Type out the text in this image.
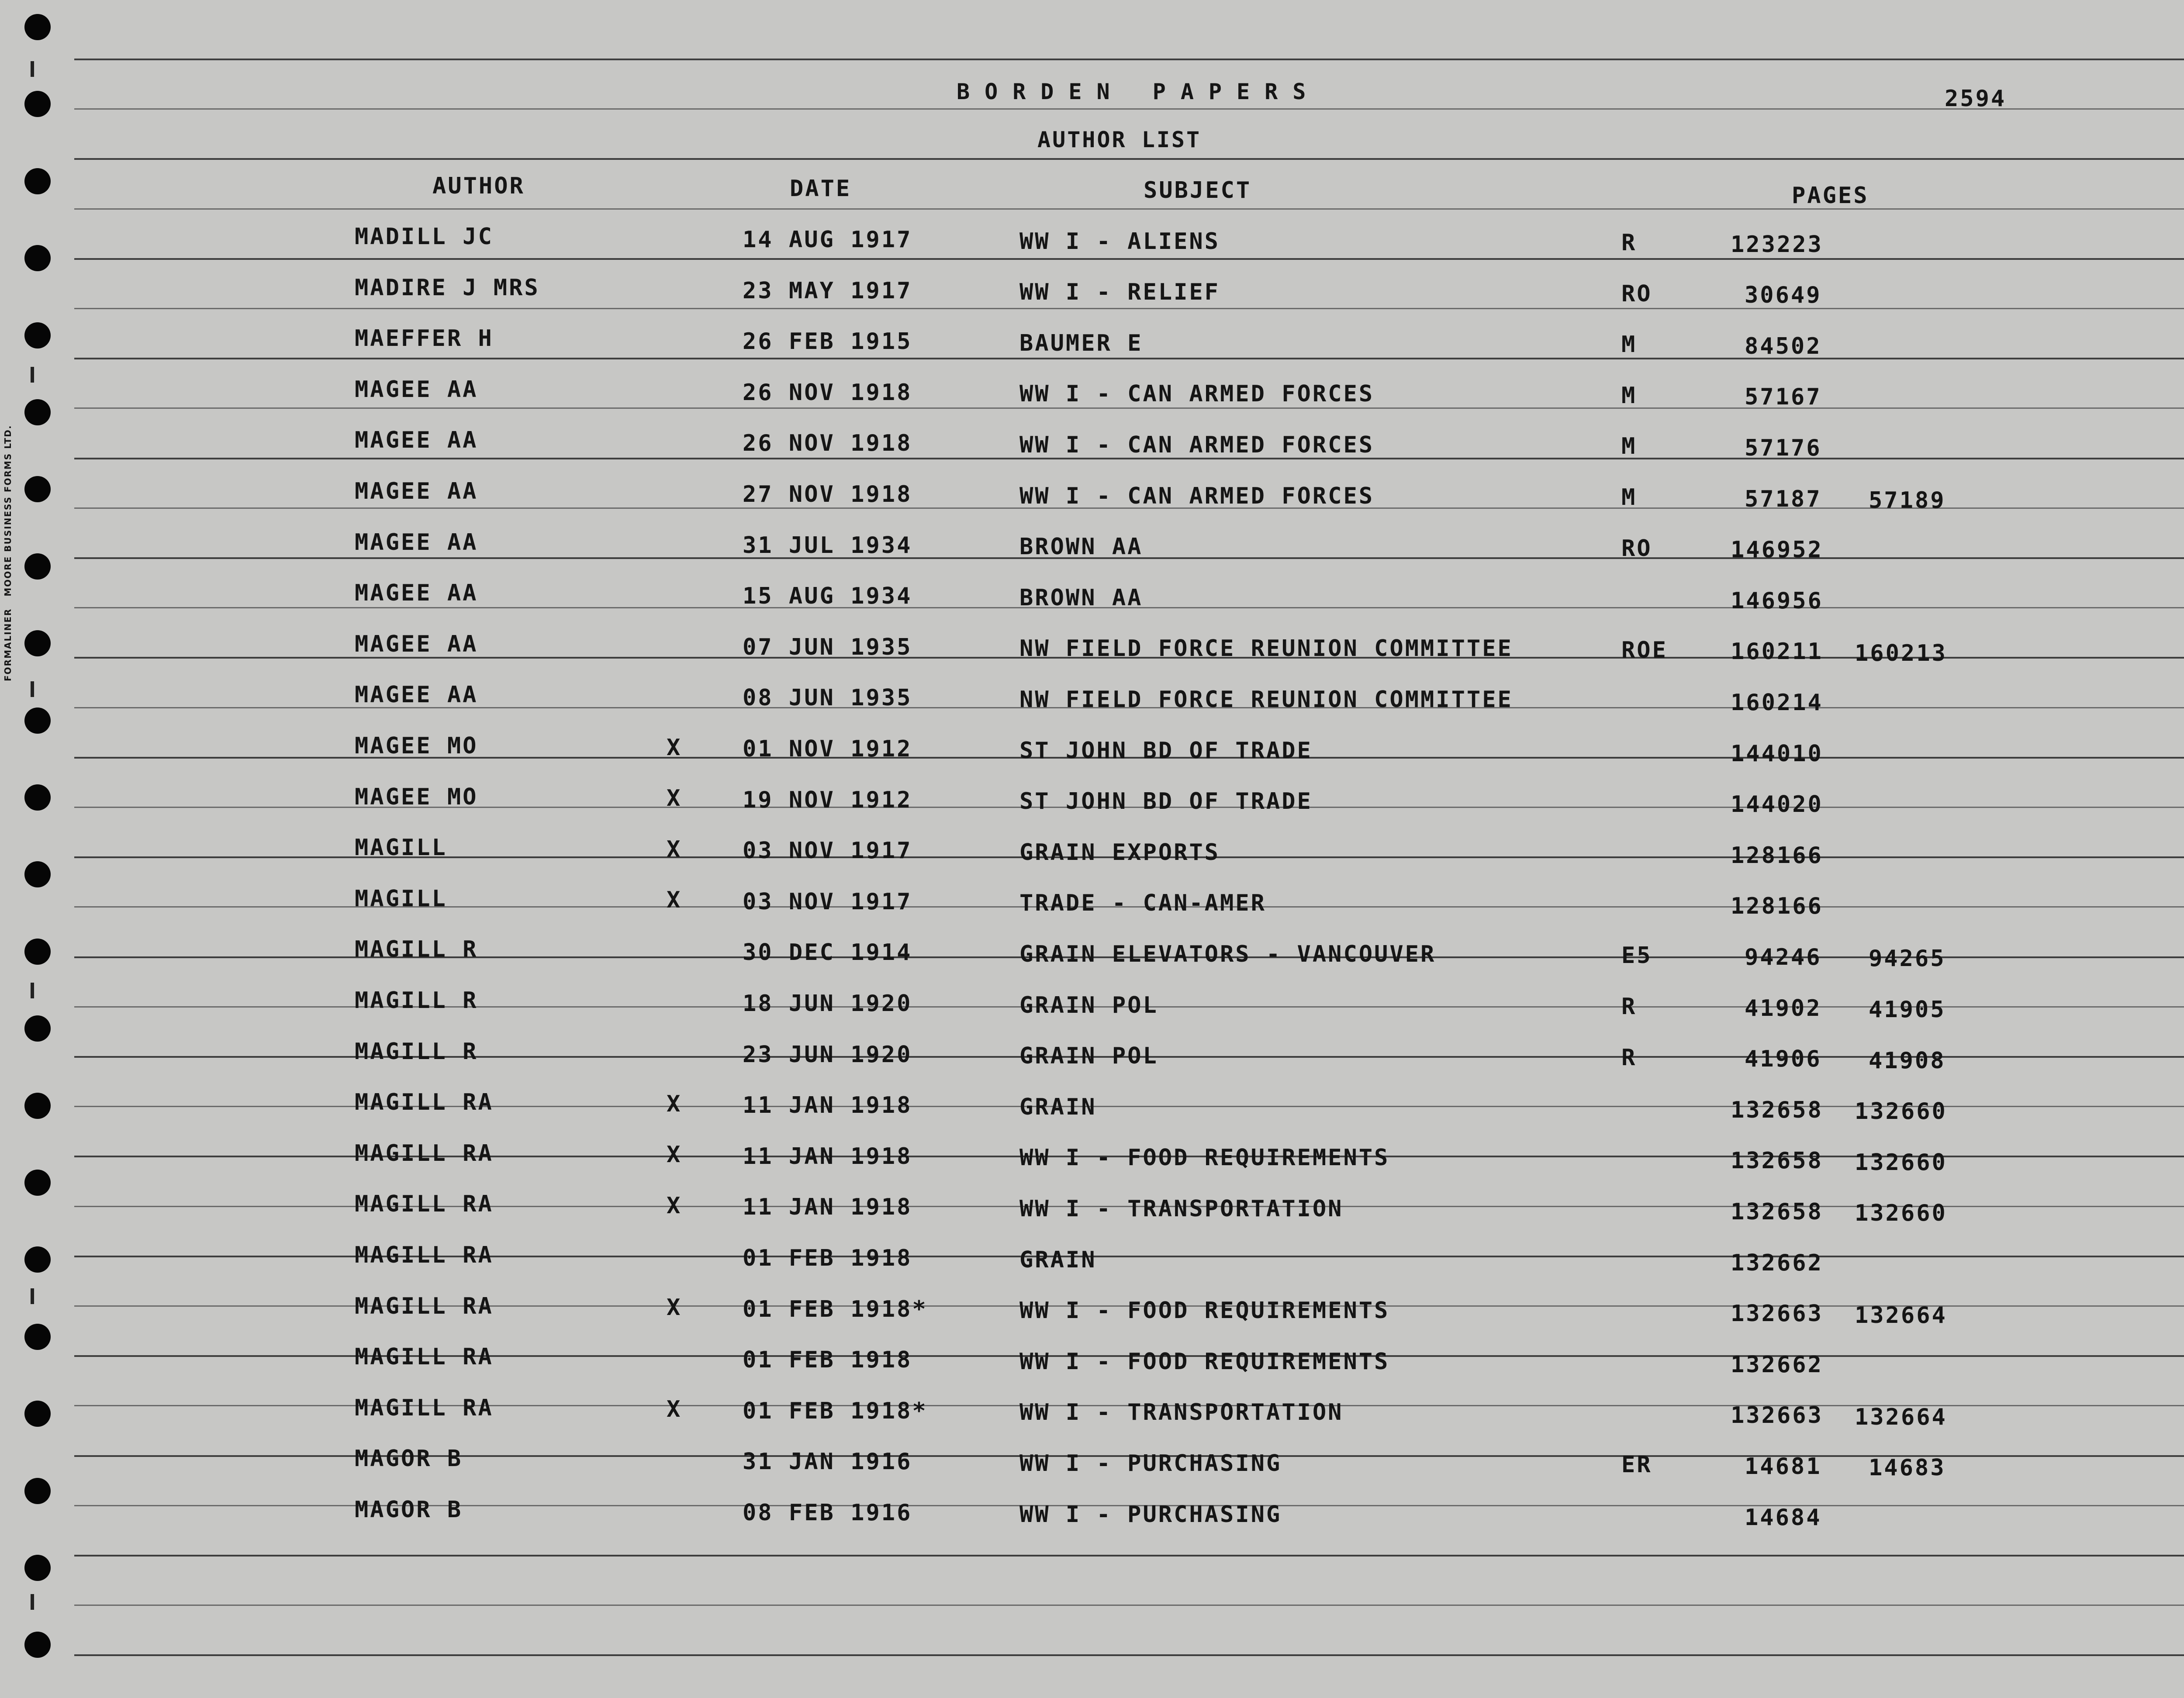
FORMALINER   MOORE BUSINESS FORMS LTD.
BORDEN PAPERS	2594
AUTHOR LIST
AUTHOR	DATE	SUBJECT	PAGES
MADILL JC	14 AUG 1917	WW I - ALIENS	R	123223
MADIRE J MRS	23 MAY 1917	WW I - RELIEF	RO	30649
MAEFFER H	26 FEB 1915	BAUMER E	M	84502
MAGEE AA	26 NOV 1918	WW I - CAN ARMED FORCES	M	57167
MAGEE AA	26 NOV 1918	WW I - CAN ARMED FORCES	M	57176
MAGEE AA	27 NOV 1918	WW I - CAN ARMED FORCES	M	57187 57189
MAGEE AA	31 JUL 1934	BROWN AA	RO	146952
MAGEE AA	15 AUG 1934	BROWN AA	146956
MAGEE AA	07 JUN 1935	NW FIELD FORCE REUNION COMMITTEE	ROE	160211 160213
MAGEE AA	08 JUN 1935	NW FIELD FORCE REUNION COMMITTEE	160214
MAGEE MO	X	01 NOV 1912	ST JOHN BD OF TRADE	144010
MAGEE MO	X	19 NOV 1912	ST JOHN BD OF TRADE	144020
MAGILL	X	03 NOV 1917	GRAIN EXPORTS	128166
MAGILL	X	03 NOV 1917	TRADE - CAN-AMER	128166
MAGILL R	30 DEC 1914	GRAIN ELEVATORS - VANCOUVER	E5	94246 94265
MAGILL R	18 JUN 1920	GRAIN POL	R	41902 41905
MAGILL R	23 JUN 1920	GRAIN POL	R	41906 41908
MAGILL RA	X	11 JAN 1918	GRAIN	132658 132660
MAGILL RA	X	11 JAN 1918	WW I - FOOD REQUIREMENTS	132658 132660
MAGILL RA	X	11 JAN 1918	WW I - TRANSPORTATION	132658 132660
MAGILL RA	01 FEB 1918	GRAIN	132662
MAGILL RA	X	01 FEB 1918*	WW I - FOOD REQUIREMENTS	132663 132664
MAGILL RA	01 FEB 1918	WW I - FOOD REQUIREMENTS	132662
MAGILL RA	X	01 FEB 1918*	WW I - TRANSPORTATION	132663 132664
MAGOR B	31 JAN 1916	WW I - PURCHASING	ER	14681 14683
MAGOR B	08 FEB 1916	WW I - PURCHASING	14684
